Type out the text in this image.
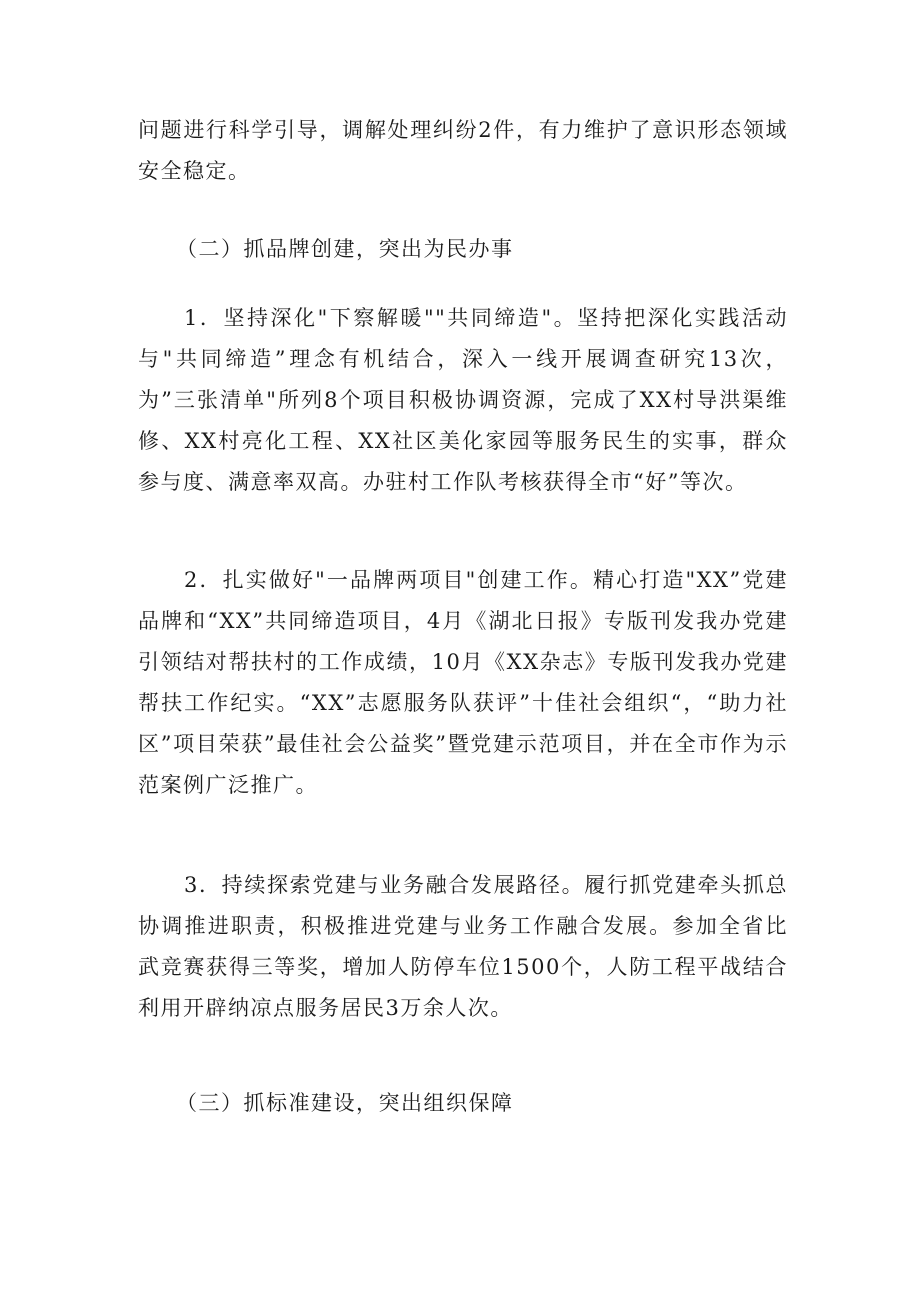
问题进行科学引导，调解处理纠纷2件，有力维护了意识形态领域安全稳定。

（二）抓品牌创建，突出为民办事

1．坚持深化"下察解暖""共同缔造"。坚持把深化实践活动与"共同缔造”理念有机结合，深入一线开展调查研究13次，为”三张清单"所列8个项目积极协调资源，完成了XX村导洪渠维修、XX村亮化工程、XX社区美化家园等服务民生的实事，群众参与度、满意率双高。办驻村工作队考核获得全市“好”等次。

2．扎实做好"一品牌两项目"创建工作。精心打造"XX”党建品牌和“XX”共同缔造项目，4月《湖北日报》专版刊发我办党建引领结对帮扶村的工作成绩，10月《XX杂志》专版刊发我办党建帮扶工作纪实。“XX”志愿服务队获评”十佳社会组织“，“助力社区”项目荣获”最佳社会公益奖”暨党建示范项目，并在全市作为示范案例广泛推广。

3．持续探索党建与业务融合发展路径。履行抓党建牵头抓总协调推进职责，积极推进党建与业务工作融合发展。参加全省比武竞赛获得三等奖，增加人防停车位1500个，人防工程平战结合利用开辟纳凉点服务居民3万余人次。

（三）抓标准建设，突出组织保障
